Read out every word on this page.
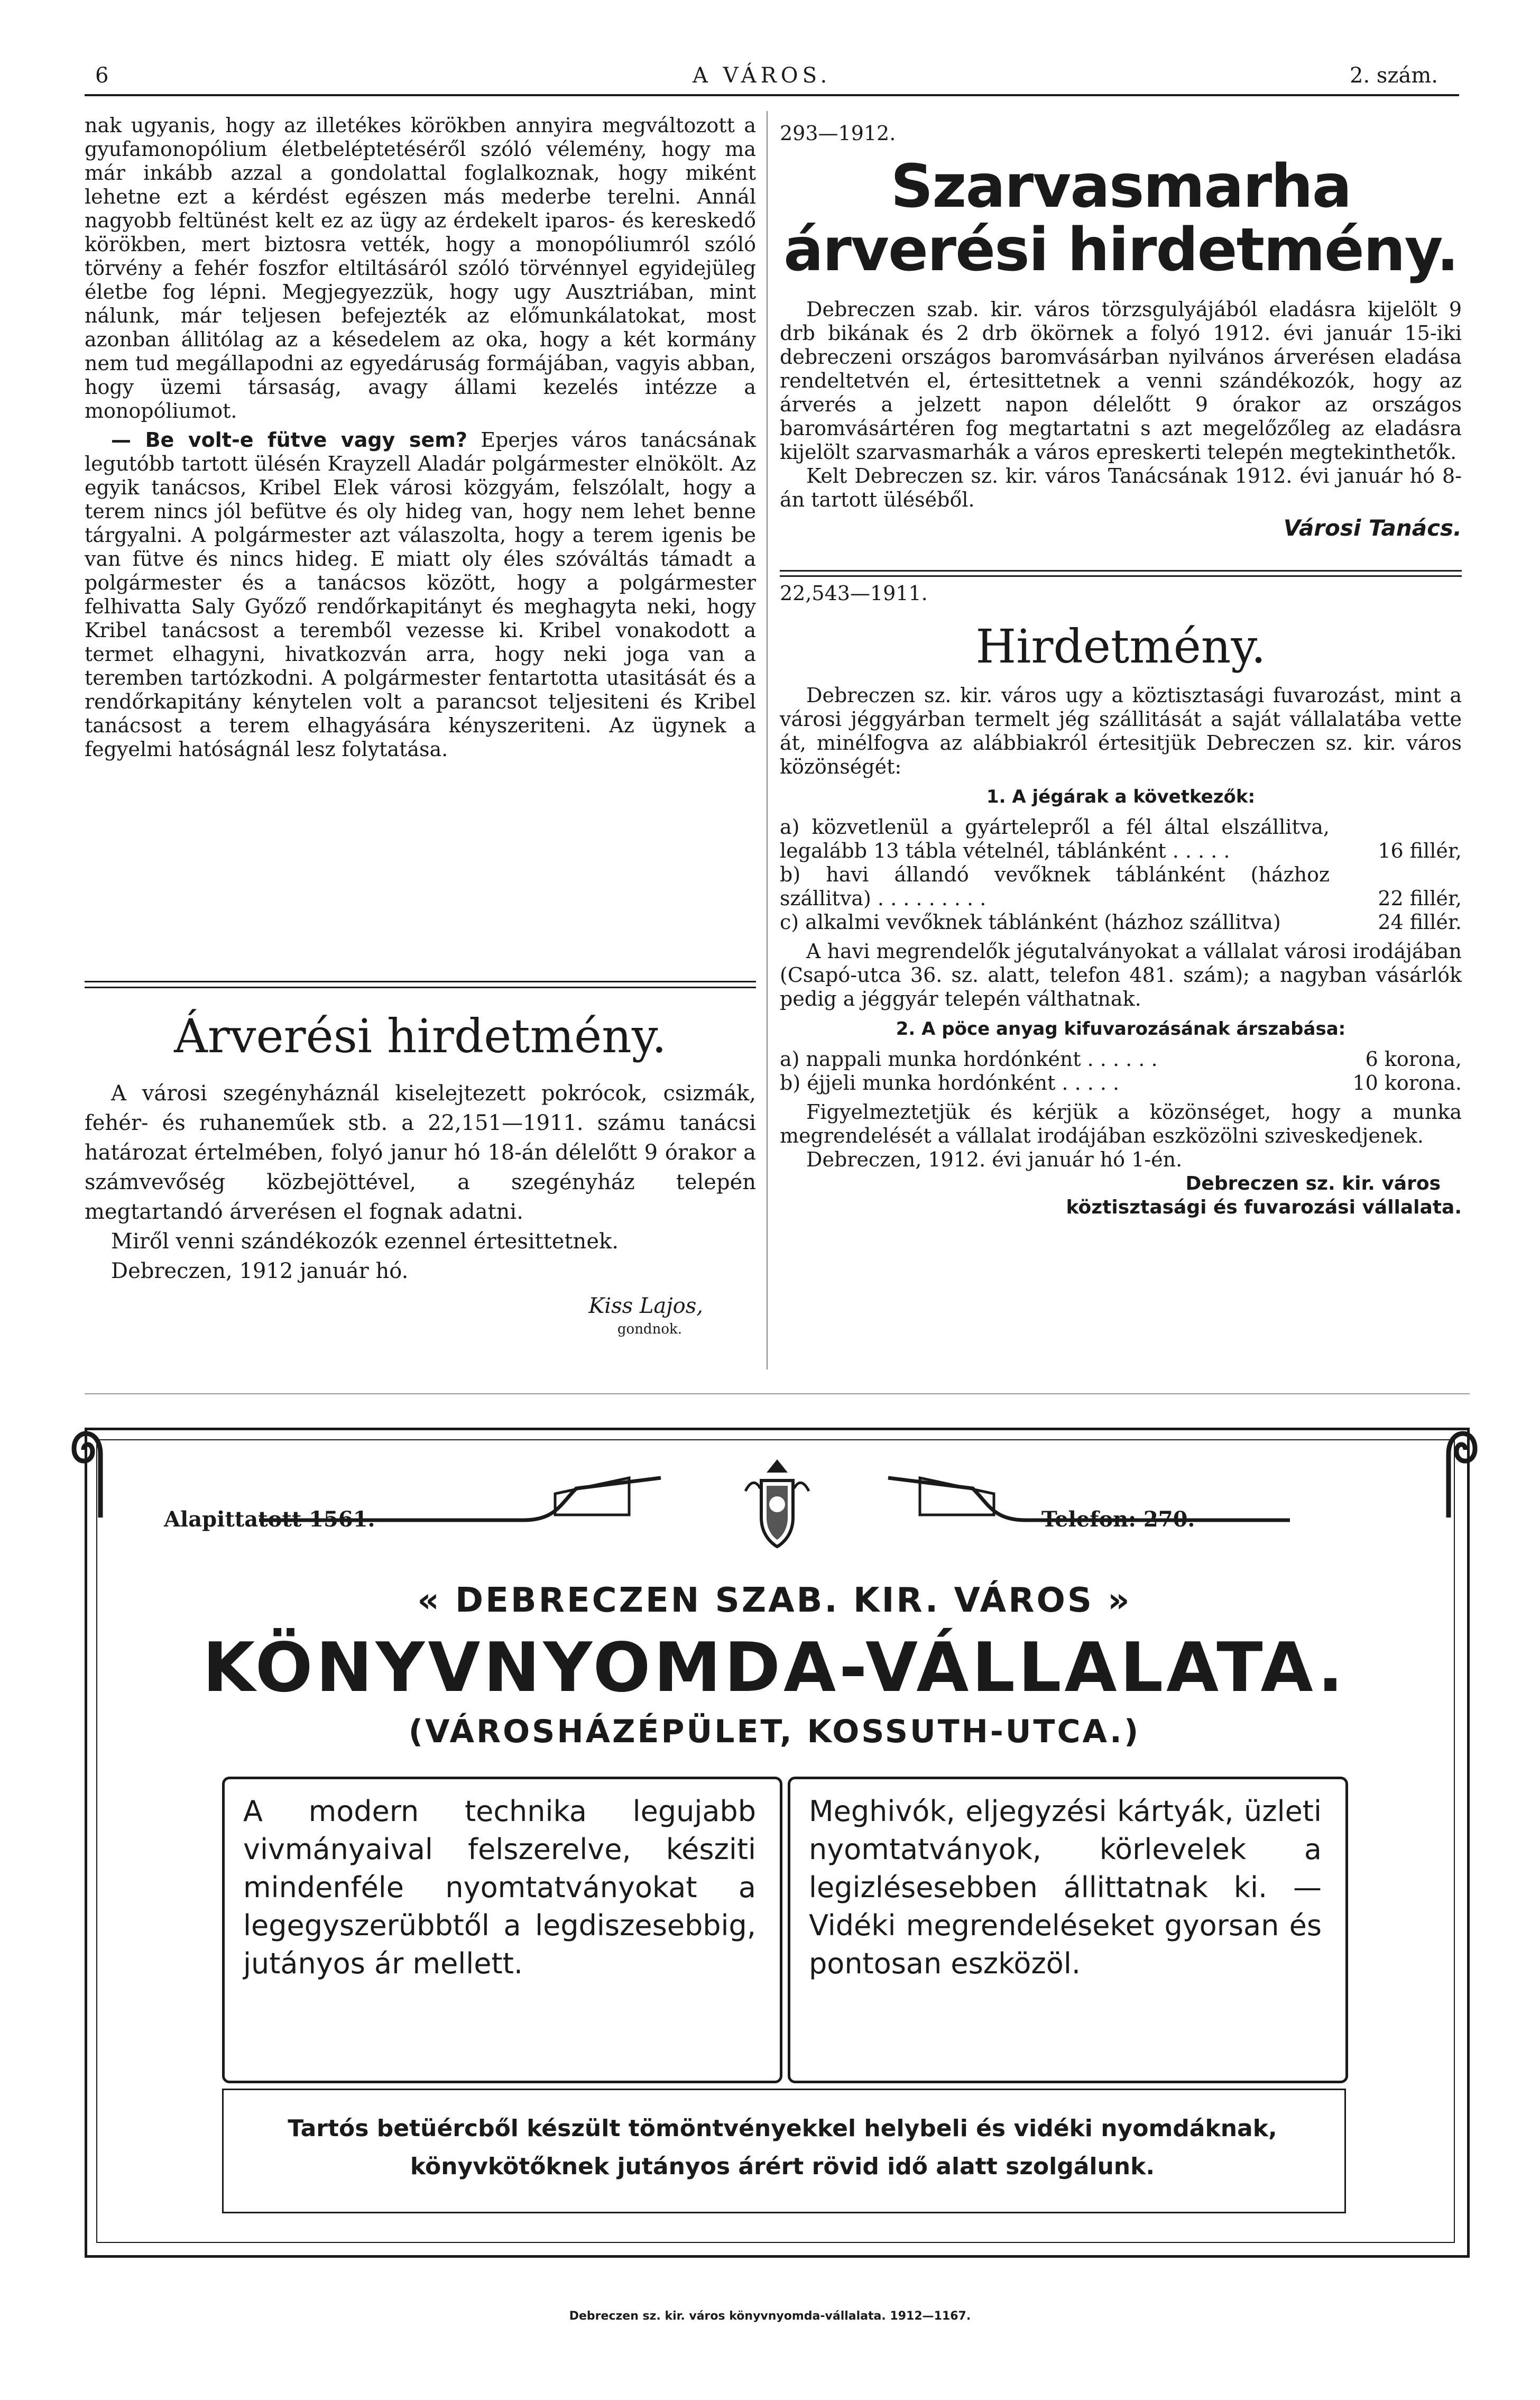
6	A VÁROS.	2. szám.

nak ugyanis, hogy az illetékes körökben annyira megváltozott a gyufamonopólium életbeléptetéséről szóló vélemény, hogy ma már inkább azzal a gondolattal foglalkoznak, hogy miként lehetne ezt a kérdést egészen más mederbe terelni. Annál nagyobb feltünést kelt ez az ügy az érdekelt iparos- és kereskedő körökben, mert biztosra vették, hogy a monopóliumról szóló törvény a fehér foszfor eltiltásáról szóló törvénnyel egyidejüleg életbe fog lépni. Megjegyezzük, hogy ugy Ausztriában, mint nálunk, már teljesen befejezték az előmunkálatokat, most azonban állitólag az a késedelem az oka, hogy a két kormány nem tud megállapodni az egyedáruság formájában, vagyis abban, hogy üzemi társaság, avagy állami kezelés intézze a monopóliumot.

— Be volt-e fütve vagy sem? Eperjes város tanácsának legutóbb tartott ülésén Krayzell Aladár polgármester elnökölt. Az egyik tanácsos, Kribel Elek városi közgyám, felszólalt, hogy a terem nincs jól befütve és oly hideg van, hogy nem lehet benne tárgyalni. A polgármester azt válaszolta, hogy a terem igenis be van fütve és nincs hideg. E miatt oly éles szóváltás támadt a polgármester és a tanácsos között, hogy a polgármester felhivatta Saly Győző rendőrkapitányt és meghagyta neki, hogy Kribel tanácsost a teremből vezesse ki. Kribel vonakodott a termet elhagyni, hivatkozván arra, hogy neki joga van a teremben tartózkodni. A polgármester fentartotta utasitását és a rendőrkapitány kénytelen volt a parancsot teljesiteni és Kribel tanácsost a terem elhagyására kényszeriteni. Az ügynek a fegyelmi hatóságnál lesz folytatása.

Árverési hirdetmény.

A városi szegényháznál kiselejtezett pokrócok, csizmák, fehér- és ruhaneműek stb. a 22,151—1911. számu tanácsi határozat értelmében, folyó janur hó 18-án délelőtt 9 órakor a számvevőség közbejöttével, a szegényház telepén megtartandó árverésen el fognak adatni.

Miről venni szándékozók ezennel értesittetnek.

Debreczen, 1912 január hó.

Kiss Lajos,
gondnok.
293—1912.
Szarvasmarha árverési hirdetmény.

Debreczen szab. kir. város törzsgulyájából eladásra kijelölt 9 drb bikának és 2 drb ökörnek a folyó 1912. évi január 15-iki debreczeni országos baromvásárban nyilvános árverésen eladása rendeltetvén el, értesittetnek a venni szándékozók, hogy az árverés a jelzett napon délelőtt 9 órakor az országos baromvásártéren fog megtartatni s azt megelőzőleg az eladásra kijelölt szarvasmarhák a város epreskerti telepén megtekinthetők.

Kelt Debreczen sz. kir. város Tanácsának 1912. évi január hó 8-án tartott üléséből.

Városi Tanács.
22,543—1911.
Hirdetmény.

Debreczen sz. kir. város ugy a köztisztasági fuvarozást, mint a városi jéggyárban termelt jég szállitását a saját vállalatába vette át, minélfogva az alábbiakról értesitjük Debreczen sz. kir. város közönségét:

1. A jégárak a következők:
a) közvetlenül a gyártelepről a fél által elszállitva, legalább 13 tábla vételnél, táblánként . . . . .	16 fillér,
b) havi állandó vevőknek táblánként (házhoz szállitva) . . . . . . . . .	22 fillér,
c) alkalmi vevőknek táblánként (házhoz szállitva)	24 fillér.

A havi megrendelők jégutalványokat a vállalat városi irodájában (Csapó-utca 36. sz. alatt, telefon 481. szám); a nagyban vásárlók pedig a jéggyár telepén válthatnak.

2. A pöce anyag kifuvarozásának árszabása:
a) nappali munka hordónként . . . . . .	6 korona,
b) éjjeli munka hordónként . . . . .	10 korona.

Figyelmeztetjük és kérjük a közönséget, hogy a munka megrendelését a vállalat irodájában eszközölni sziveskedjenek.

Debreczen, 1912. évi január hó 1-én.

Debreczen sz. kir. város
köztisztasági és fuvarozási vállalata.
Alapittatott 1561.	Telefon: 270.
« DEBRECZEN SZAB. KIR. VÁROS »
KÖNYVNYOMDA-VÁLLALATA.
(VÁROSHÁZÉPÜLET, KOSSUTH-UTCA.)
A modern technika legujabb vivmányaival felszerelve, késziti mindenféle nyomtatványokat a legegyszerübbtől a legdiszesebbig, jutányos ár mellett.
Meghivók, eljegyzési kártyák, üzleti nyomtatványok, körlevelek a legizlésesebben állittatnak ki. — Vidéki megrendeléseket gyorsan és pontosan eszközöl.
Tartós betüércből készült tömöntvényekkel helybeli és vidéki nyomdáknak, könyvkötőknek jutányos árért rövid idő alatt szolgálunk.
Debreczen sz. kir. város könyvnyomda-vállalata. 1912—1167.
